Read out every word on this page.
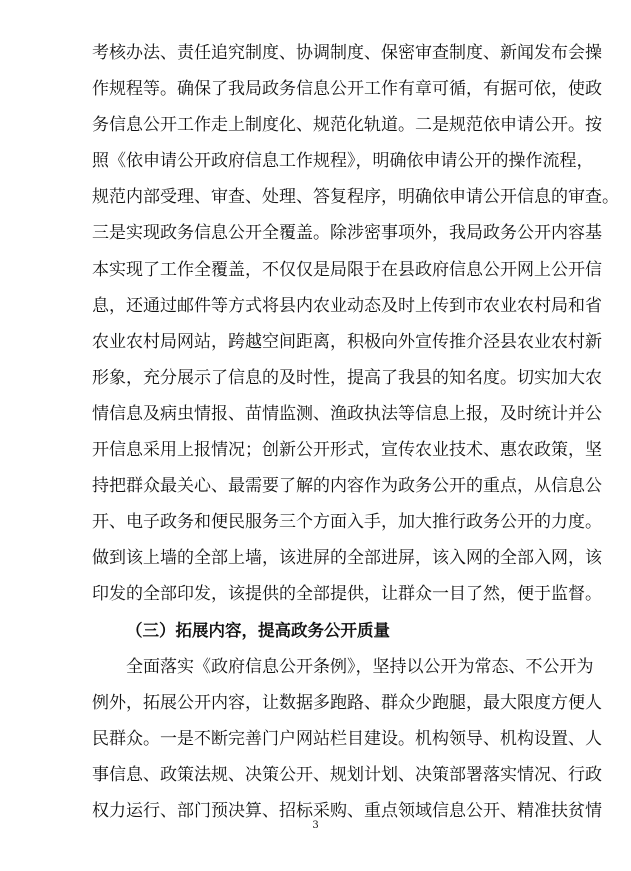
考核办法、责任追究制度、协调制度、保密审查制度、新闻发布会操
作规程等。确保了我局政务信息公开工作有章可循，有据可依，使政
务信息公开工作走上制度化、规范化轨道。二是规范依申请公开。按
照《依申请公开政府信息工作规程》，明确依申请公开的操作流程，
规范内部受理、审查、处理、答复程序，明确依申请公开信息的审查。
三是实现政务信息公开全覆盖。除涉密事项外，我局政务公开内容基
本实现了工作全覆盖，不仅仅是局限于在县政府信息公开网上公开信
息，还通过邮件等方式将县内农业动态及时上传到市农业农村局和省
农业农村局网站，跨越空间距离，积极向外宣传推介泾县农业农村新
形象，充分展示了信息的及时性，提高了我县的知名度。切实加大农
情信息及病虫情报、苗情监测、渔政执法等信息上报，及时统计并公
开信息采用上报情况；创新公开形式，宣传农业技术、惠农政策，坚
持把群众最关心、最需要了解的内容作为政务公开的重点，从信息公
开、电子政务和便民服务三个方面入手，加大推行政务公开的力度。
做到该上墙的全部上墙，该进屏的全部进屏，该入网的全部入网，该
印发的全部印发，该提供的全部提供，让群众一目了然，便于监督。
（三）拓展内容，提高政务公开质量
全面落实《政府信息公开条例》，坚持以公开为常态、不公开为
例外，拓展公开内容，让数据多跑路、群众少跑腿，最大限度方便人
民群众。一是不断完善门户网站栏目建设。机构领导、机构设置、人
事信息、政策法规、决策公开、规划计划、决策部署落实情况、行政
权力运行、部门预决算、招标采购、重点领域信息公开、精准扶贫情
3
